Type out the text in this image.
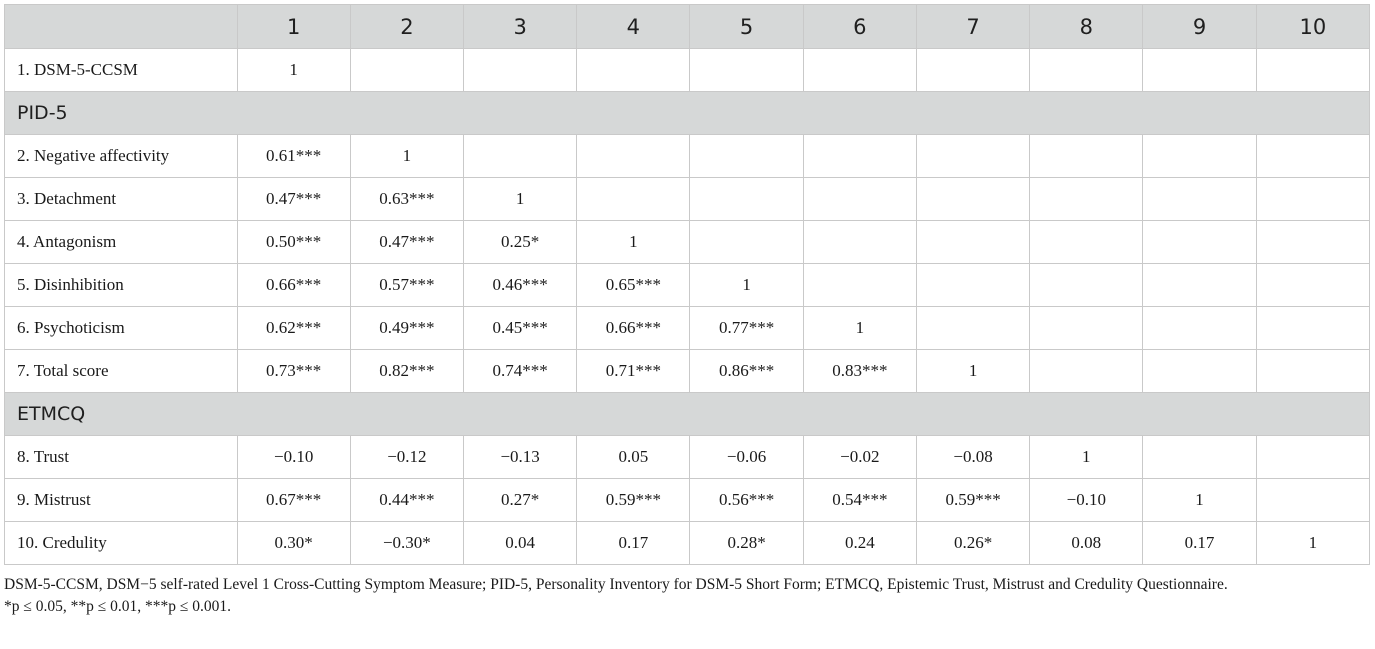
	1	2	3	4	5	6	7	8	9	10
1. DSM-5-CCSM	1									
PID-5										
2. Negative affectivity	0.61***	1								
3. Detachment	0.47***	0.63***	1							
4. Antagonism	0.50***	0.47***	0.25*	1						
5. Disinhibition	0.66***	0.57***	0.46***	0.65***	1					
6. Psychoticism	0.62***	0.49***	0.45***	0.66***	0.77***	1				
7. Total score	0.73***	0.82***	0.74***	0.71***	0.86***	0.83***	1			
ETMCQ										
8. Trust	−0.10	−0.12	−0.13	0.05	−0.06	−0.02	−0.08	1		
9. Mistrust	0.67***	0.44***	0.27*	0.59***	0.56***	0.54***	0.59***	−0.10	1	
10. Credulity	0.30*	−0.30*	0.04	0.17	0.28*	0.24	0.26*	0.08	0.17	1

DSM-5-CCSM, DSM−5 self-rated Level 1 Cross-Cutting Symptom Measure; PID-5, Personality Inventory for DSM-5 Short Form; ETMCQ, Epistemic Trust, Mistrust and Credulity Questionnaire.

*p ≤ 0.05, **p ≤ 0.01, ***p ≤ 0.001.
